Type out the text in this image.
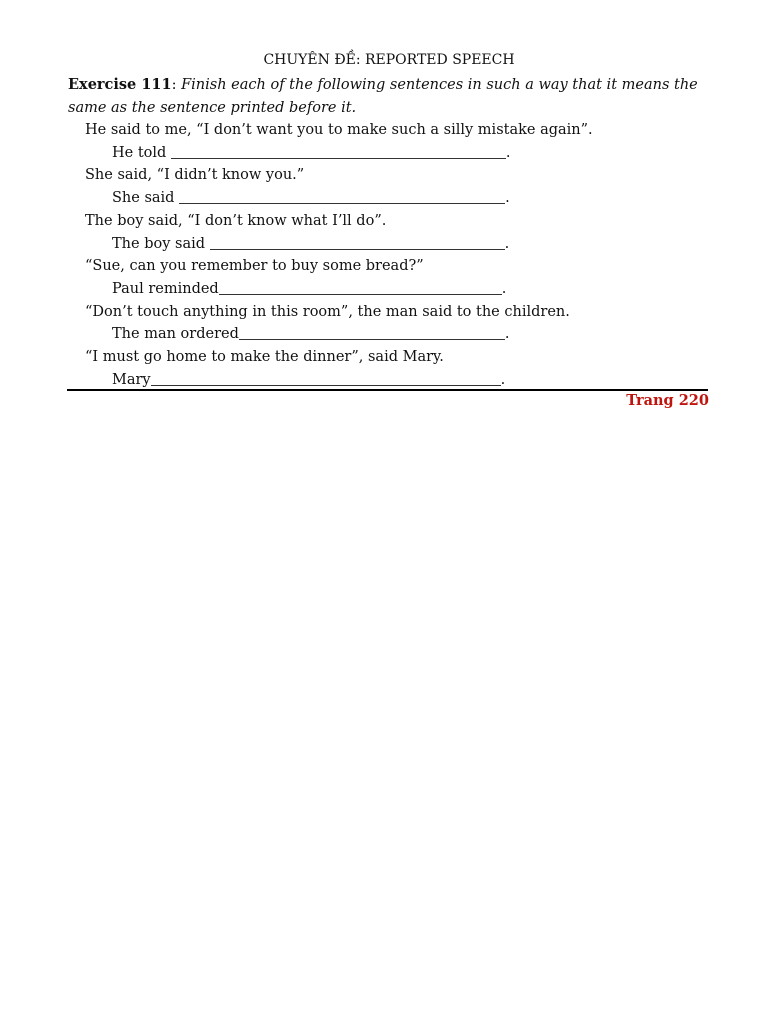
CHUYÊN ĐỀ: REPORTED SPEECH
Exercise 111: Finish each of the following sentences in such a way that it means the same as the sentence printed before it.
He said to me, “I don’t want you to make such a silly mistake again”.
He told	.
She said, “I didn’t know you.”
She said	.
The boy said, “I don’t know what I’ll do”.
The boy said	.
“Sue, can you remember to buy some bread?”
Paul reminded	.
“Don’t touch anything in this room”, the man said to the children.
The man ordered	.
“I must go home to make the dinner”, said Mary.
Mary	.
Trang 220
